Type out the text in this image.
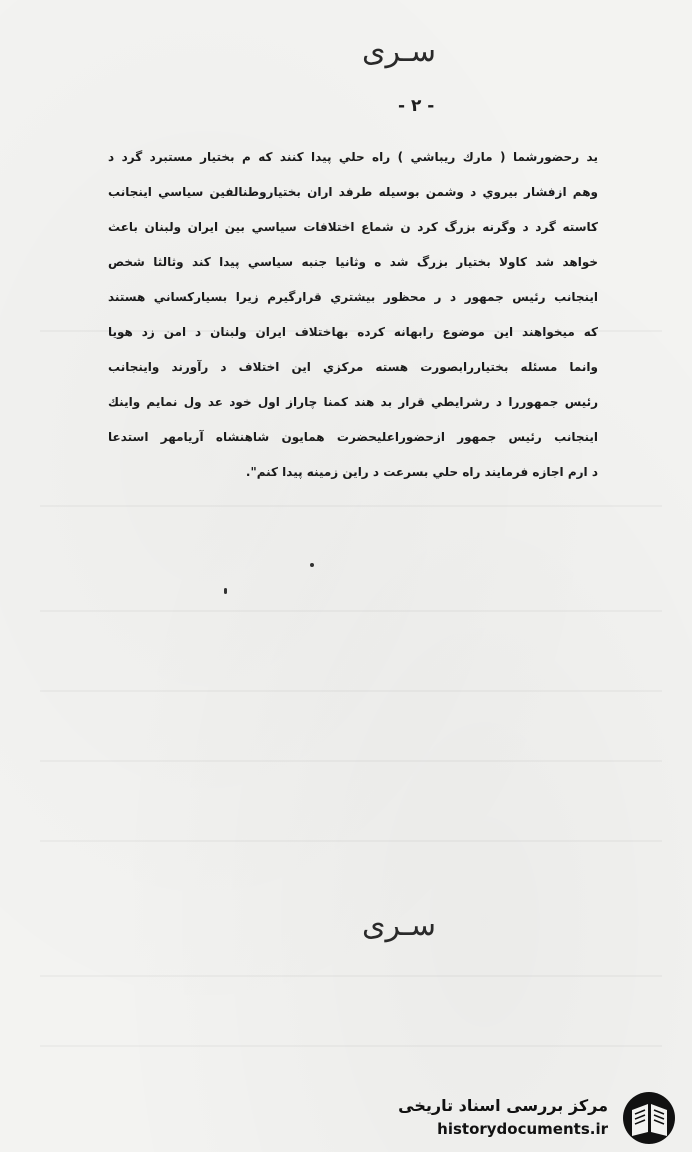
سـری
- ۲ -
ید رحضورشما ( مارك ريباشي ) راه حلي پيدا كنند كه م بختيار مستبرد گرد د
وهم ازفشار بيروي د وشمن بوسيله طرفد اران بختياروطنالفين سياسي اينجانب
كاسته گرد د وگرنه بزرگ كرد ن شماع اختلافات سياسي بين ايران ولبنان باعث
خواهد شد كاولا بختيار بزرگ شد ه وثانيا جنبه سياسي پيدا كند وثالثا شخص
اينجانب رئيس جمهور د ر محظور بيشتري قرارگيرم زيرا بسياركساني هستند
كه ميخواهند اين موضوع رابهانه كرده بهاختلاف ايران ولبنان د امن زد هويا
وانما مسئله بختياررابصورت هسته مركزي اين اختلاف د رآورند واينجانب
رئيس جمهوررا د رشرايطي قرار بد هند كمنا چاراز اول خود عد ول نمايم واينك
اينجانب رئيس جمهور ازحضوراعليحضرت همايون شاهنشاه آريامهر استدعا
د ارم اجازه فرمايند راه حلي بسرعت د راين زمينه پيدا كنم".
سـری
مرکز بررسی اسناد تاریخی
historydocuments.ir
